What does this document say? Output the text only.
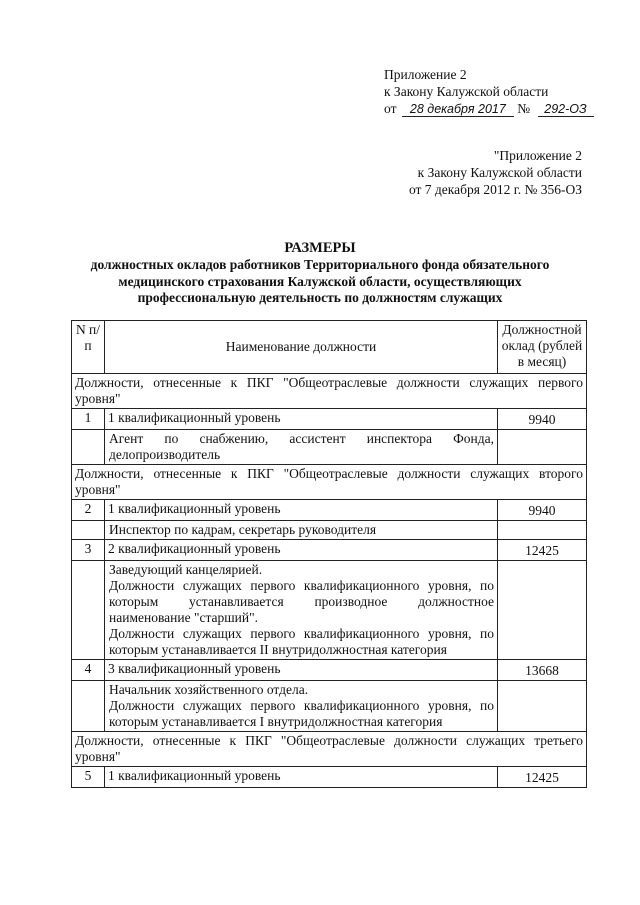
Приложение 2
к Закону Калужской области
от 28 декабря 2017 № 292-ОЗ
"Приложение 2
к Закону Калужской области
от 7 декабря 2012 г. № 356-ОЗ
РАЗМЕРЫ
должностных окладов работников Территориального фонда обязательного
медицинского страхования Калужской области, осуществляющих
профессиональную деятельность по должностям служащих
N п/п	Наименование должности	Должностной оклад (рублей в месяц)
Должности, отнесенные к ПКГ "Общеотраслевые должности служащих первого уровня"		
1	1 квалификационный уровень	9940

	Агент по снабжению, ассистент инспектора Фонда, делопроизводитель	

Должности, отнесенные к ПКГ "Общеотраслевые должности служащих второго уровня"		
2	1 квалификационный уровень	9940

	Инспектор по кадрам, секретарь руководителя	

3	2 квалификационный уровень	12425

	Заведующий канцелярией.
Должности служащих первого квалификационного уровня, по которым устанавливается производное должностное наименование "старший".
Должности служащих первого квалификационного уровня, по которым устанавливается II внутридолжностная категория	

4	3 квалификационный уровень	13668

	Начальник хозяйственного отдела.
Должности служащих первого квалификационного уровня, по которым устанавливается I внутридолжностная категория	

Должности, отнесенные к ПКГ "Общеотраслевые должности служащих третьего уровня"		
5	1 квалификационный уровень	12425
